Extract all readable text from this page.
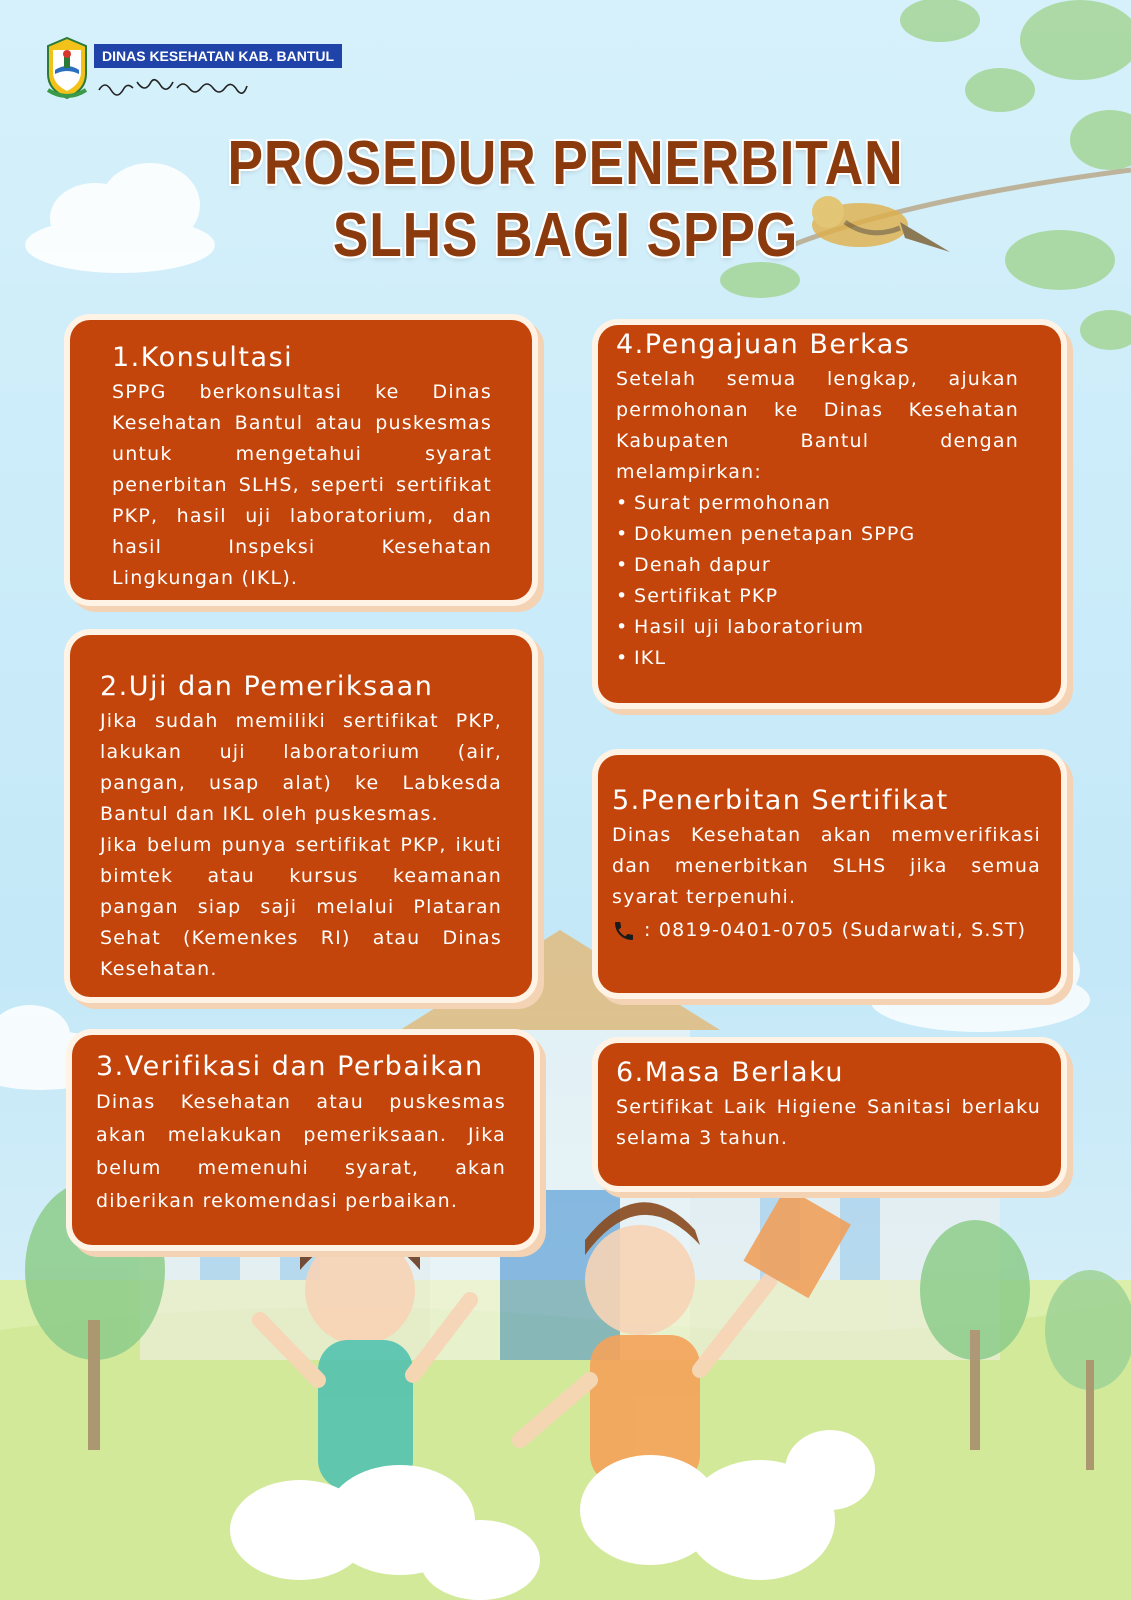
DINAS KESEHATAN KAB. BANTUL
PROSEDUR PENERBITAN
SLHS BAGI SPPG
1.Konsultasi

SPPG berkonsultasi ke Dinas Kesehatan Bantul atau puskesmas untuk mengetahui syarat penerbitan SLHS, seperti sertifikat PKP, hasil uji laboratorium, dan hasil Inspeksi Kesehatan Lingkungan (IKL).

2.Uji dan Pemeriksaan

Jika sudah memiliki sertifikat PKP, lakukan uji laboratorium (air, pangan, usap alat) ke Labkesda Bantul dan IKL oleh puskesmas.

Jika belum punya sertifikat PKP, ikuti bimtek atau kursus keamanan pangan siap saji melalui Plataran Sehat (Kemenkes RI) atau Dinas Kesehatan.

3.Verifikasi dan Perbaikan

Dinas Kesehatan atau puskesmas akan melakukan pemeriksaan. Jika belum memenuhi syarat, akan diberikan rekomendasi perbaikan.

4.Pengajuan Berkas

Setelah semua lengkap, ajukan permohonan ke Dinas Kesehatan Kabupaten Bantul dengan melampirkan:

• Surat permohonan
• Dokumen penetapan SPPG
• Denah dapur
• Sertifikat PKP
• Hasil uji laboratorium
• IKL
5.Penerbitan Sertifikat

Dinas Kesehatan akan memverifikasi dan menerbitkan SLHS jika semua syarat terpenuhi.

: 0819-0401-0705 (Sudarwati, S.ST)
6.Masa Berlaku

Sertifikat Laik Higiene Sanitasi berlaku selama 3 tahun.
